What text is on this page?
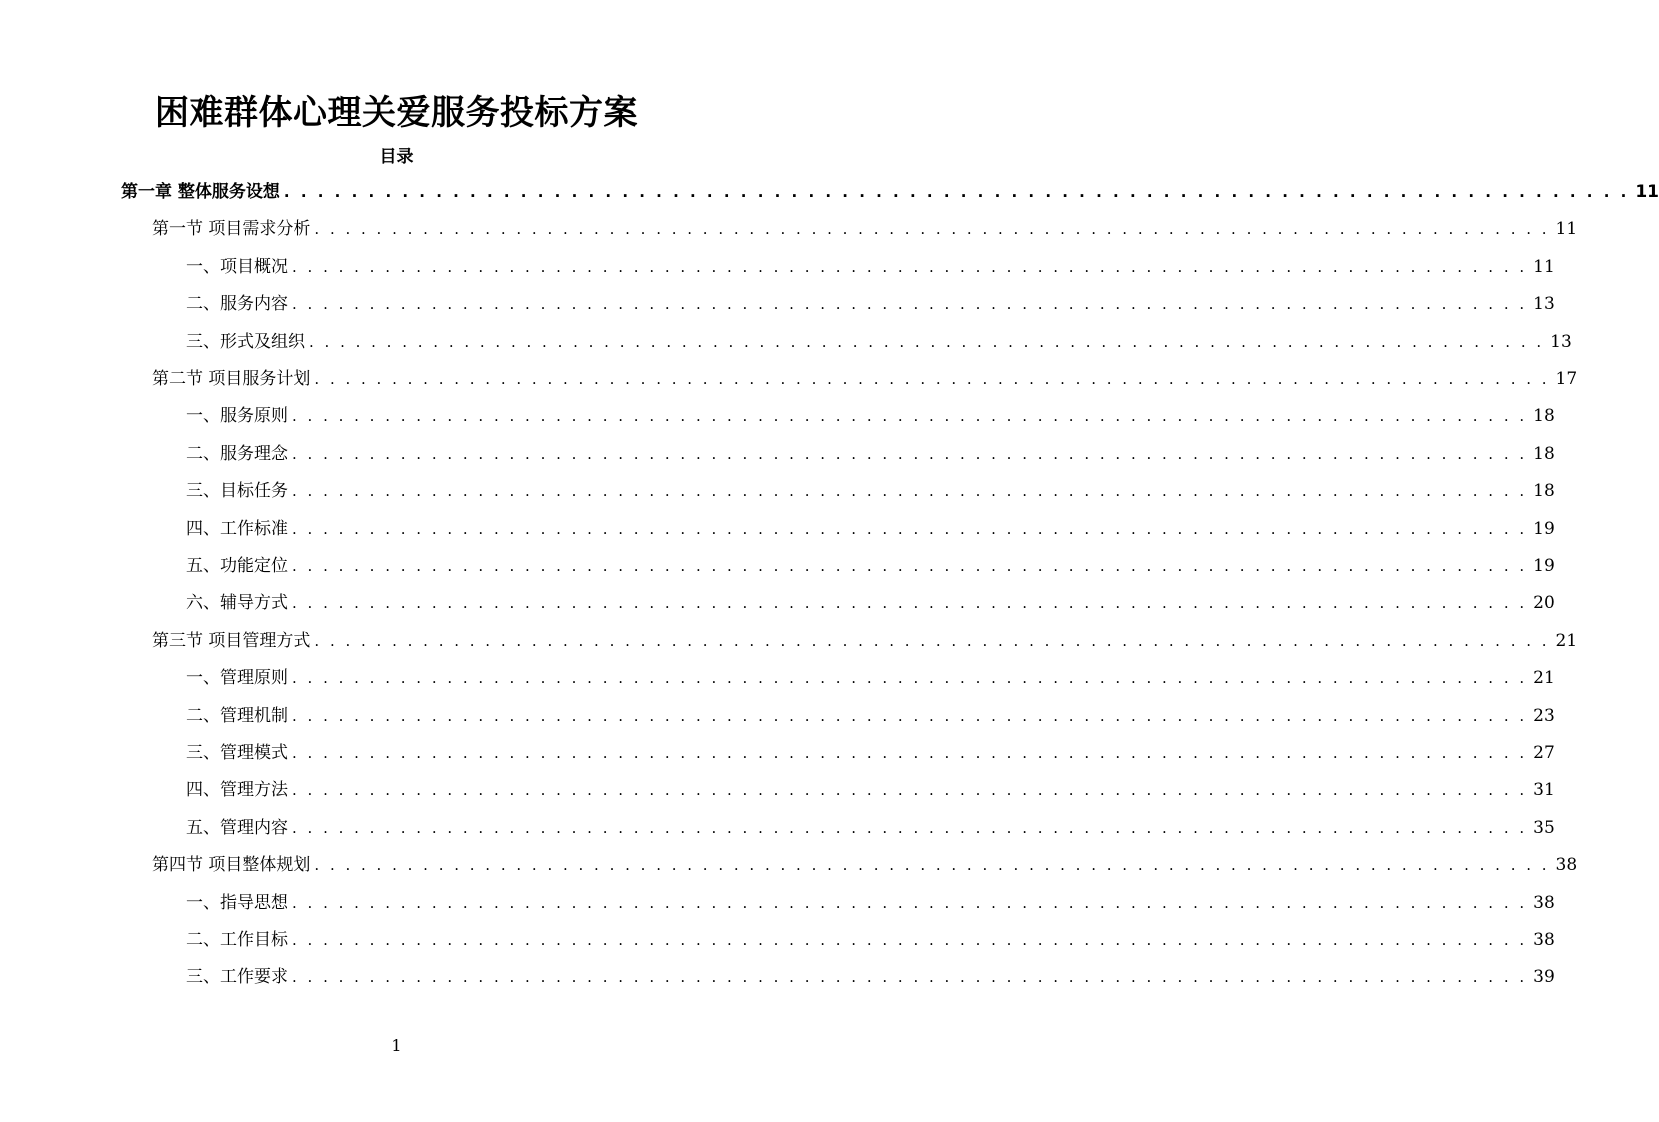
困难群体心理关爱服务投标方案
目录
第一章 整体服务设想 . . . . . . . . . . . . . . . . . . . . . . . . . . . . . . . . . . . . . . . . . . . . . . . . . . . . . . . . . . . . . . . . . . . . . . . . . . . . . . . . 11
第一节 项目需求分析 . . . . . . . . . . . . . . . . . . . . . . . . . . . . . . . . . . . . . . . . . . . . . . . . . . . . . . . . . . . . . . . . . . . . . . . . . . . . . . . . 11
一、项目概况 . . . . . . . . . . . . . . . . . . . . . . . . . . . . . . . . . . . . . . . . . . . . . . . . . . . . . . . . . . . . . . . . . . . . . . . . . . . . . . . . 11
二、服务内容 . . . . . . . . . . . . . . . . . . . . . . . . . . . . . . . . . . . . . . . . . . . . . . . . . . . . . . . . . . . . . . . . . . . . . . . . . . . . . . . . 13
三、形式及组织 . . . . . . . . . . . . . . . . . . . . . . . . . . . . . . . . . . . . . . . . . . . . . . . . . . . . . . . . . . . . . . . . . . . . . . . . . . . . . . . . 13
第二节 项目服务计划 . . . . . . . . . . . . . . . . . . . . . . . . . . . . . . . . . . . . . . . . . . . . . . . . . . . . . . . . . . . . . . . . . . . . . . . . . . . . . . . . 17
一、服务原则 . . . . . . . . . . . . . . . . . . . . . . . . . . . . . . . . . . . . . . . . . . . . . . . . . . . . . . . . . . . . . . . . . . . . . . . . . . . . . . . . 18
二、服务理念 . . . . . . . . . . . . . . . . . . . . . . . . . . . . . . . . . . . . . . . . . . . . . . . . . . . . . . . . . . . . . . . . . . . . . . . . . . . . . . . . 18
三、目标任务 . . . . . . . . . . . . . . . . . . . . . . . . . . . . . . . . . . . . . . . . . . . . . . . . . . . . . . . . . . . . . . . . . . . . . . . . . . . . . . . . 18
四、工作标准 . . . . . . . . . . . . . . . . . . . . . . . . . . . . . . . . . . . . . . . . . . . . . . . . . . . . . . . . . . . . . . . . . . . . . . . . . . . . . . . . 19
五、功能定位 . . . . . . . . . . . . . . . . . . . . . . . . . . . . . . . . . . . . . . . . . . . . . . . . . . . . . . . . . . . . . . . . . . . . . . . . . . . . . . . . 19
六、辅导方式 . . . . . . . . . . . . . . . . . . . . . . . . . . . . . . . . . . . . . . . . . . . . . . . . . . . . . . . . . . . . . . . . . . . . . . . . . . . . . . . . 20
第三节 项目管理方式 . . . . . . . . . . . . . . . . . . . . . . . . . . . . . . . . . . . . . . . . . . . . . . . . . . . . . . . . . . . . . . . . . . . . . . . . . . . . . . . . 21
一、管理原则 . . . . . . . . . . . . . . . . . . . . . . . . . . . . . . . . . . . . . . . . . . . . . . . . . . . . . . . . . . . . . . . . . . . . . . . . . . . . . . . . 21
二、管理机制 . . . . . . . . . . . . . . . . . . . . . . . . . . . . . . . . . . . . . . . . . . . . . . . . . . . . . . . . . . . . . . . . . . . . . . . . . . . . . . . . 23
三、管理模式 . . . . . . . . . . . . . . . . . . . . . . . . . . . . . . . . . . . . . . . . . . . . . . . . . . . . . . . . . . . . . . . . . . . . . . . . . . . . . . . . 27
四、管理方法 . . . . . . . . . . . . . . . . . . . . . . . . . . . . . . . . . . . . . . . . . . . . . . . . . . . . . . . . . . . . . . . . . . . . . . . . . . . . . . . . 31
五、管理内容 . . . . . . . . . . . . . . . . . . . . . . . . . . . . . . . . . . . . . . . . . . . . . . . . . . . . . . . . . . . . . . . . . . . . . . . . . . . . . . . . 35
第四节 项目整体规划 . . . . . . . . . . . . . . . . . . . . . . . . . . . . . . . . . . . . . . . . . . . . . . . . . . . . . . . . . . . . . . . . . . . . . . . . . . . . . . . . 38
一、指导思想 . . . . . . . . . . . . . . . . . . . . . . . . . . . . . . . . . . . . . . . . . . . . . . . . . . . . . . . . . . . . . . . . . . . . . . . . . . . . . . . . 38
二、工作目标 . . . . . . . . . . . . . . . . . . . . . . . . . . . . . . . . . . . . . . . . . . . . . . . . . . . . . . . . . . . . . . . . . . . . . . . . . . . . . . . . 38
三、工作要求 . . . . . . . . . . . . . . . . . . . . . . . . . . . . . . . . . . . . . . . . . . . . . . . . . . . . . . . . . . . . . . . . . . . . . . . . . . . . . . . . 39
1
